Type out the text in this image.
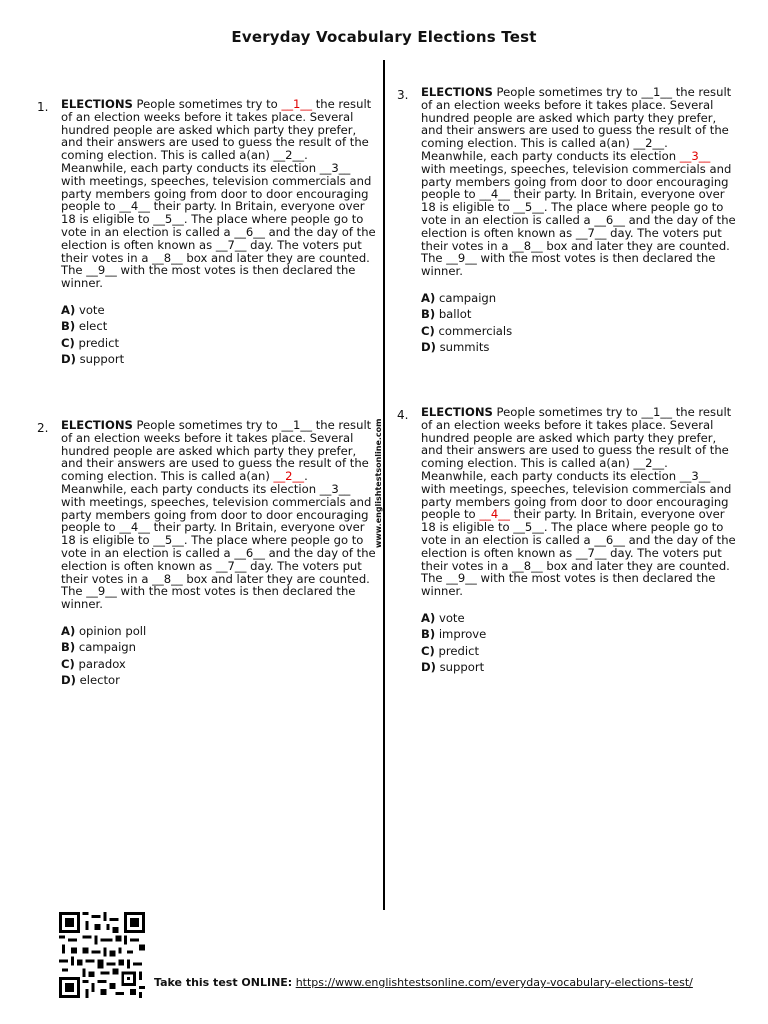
Everyday Vocabulary Elections Test
www.englishtestsonline.com
1. ELECTIONS People sometimes try to __1__ the result of an election weeks before it takes place. Several hundred people are asked which party they prefer, and their answers are used to guess the result of the coming election. This is called a(an) __2__. Meanwhile, each party conducts its election __3__ with meetings, speeches, television commercials and party members going from door to door encouraging people to __4__ their party. In Britain, everyone over 18 is eligible to __5__. The place where people go to vote in an election is called a __6__ and the day of the election is often known as __7__ day. The voters put their votes in a __8__ box and later they are counted. The __9__ with the most votes is then declared the winner.

A) vote
B) elect
C) predict
D) support
2. ELECTIONS People sometimes try to __1__ the result of an election weeks before it takes place. Several hundred people are asked which party they prefer, and their answers are used to guess the result of the coming election. This is called a(an) __2__. Meanwhile, each party conducts its election __3__ with meetings, speeches, television commercials and party members going from door to door encouraging people to __4__ their party. In Britain, everyone over 18 is eligible to __5__. The place where people go to vote in an election is called a __6__ and the day of the election is often known as __7__ day. The voters put their votes in a __8__ box and later they are counted. The __9__ with the most votes is then declared the winner.

A) opinion poll
B) campaign
C) paradox
D) elector
3. ELECTIONS People sometimes try to __1__ the result of an election weeks before it takes place. Several hundred people are asked which party they prefer, and their answers are used to guess the result of the coming election. This is called a(an) __2__. Meanwhile, each party conducts its election __3__ with meetings, speeches, television commercials and party members going from door to door encouraging people to __4__ their party. In Britain, everyone over 18 is eligible to __5__. The place where people go to vote in an election is called a __6__ and the day of the election is often known as __7__ day. The voters put their votes in a __8__ box and later they are counted. The __9__ with the most votes is then declared the winner.

A) campaign
B) ballot
C) commercials
D) summits
4. ELECTIONS People sometimes try to __1__ the result of an election weeks before it takes place. Several hundred people are asked which party they prefer, and their answers are used to guess the result of the coming election. This is called a(an) __2__. Meanwhile, each party conducts its election __3__ with meetings, speeches, television commercials and party members going from door to door encouraging people to __4__ their party. In Britain, everyone over 18 is eligible to __5__. The place where people go to vote in an election is called a __6__ and the day of the election is often known as __7__ day. The voters put their votes in a __8__ box and later they are counted. The __9__ with the most votes is then declared the winner.

A) vote
B) improve
C) predict
D) support
Take this test ONLINE: https://www.englishtestsonline.com/everyday-vocabulary-elections-test/
